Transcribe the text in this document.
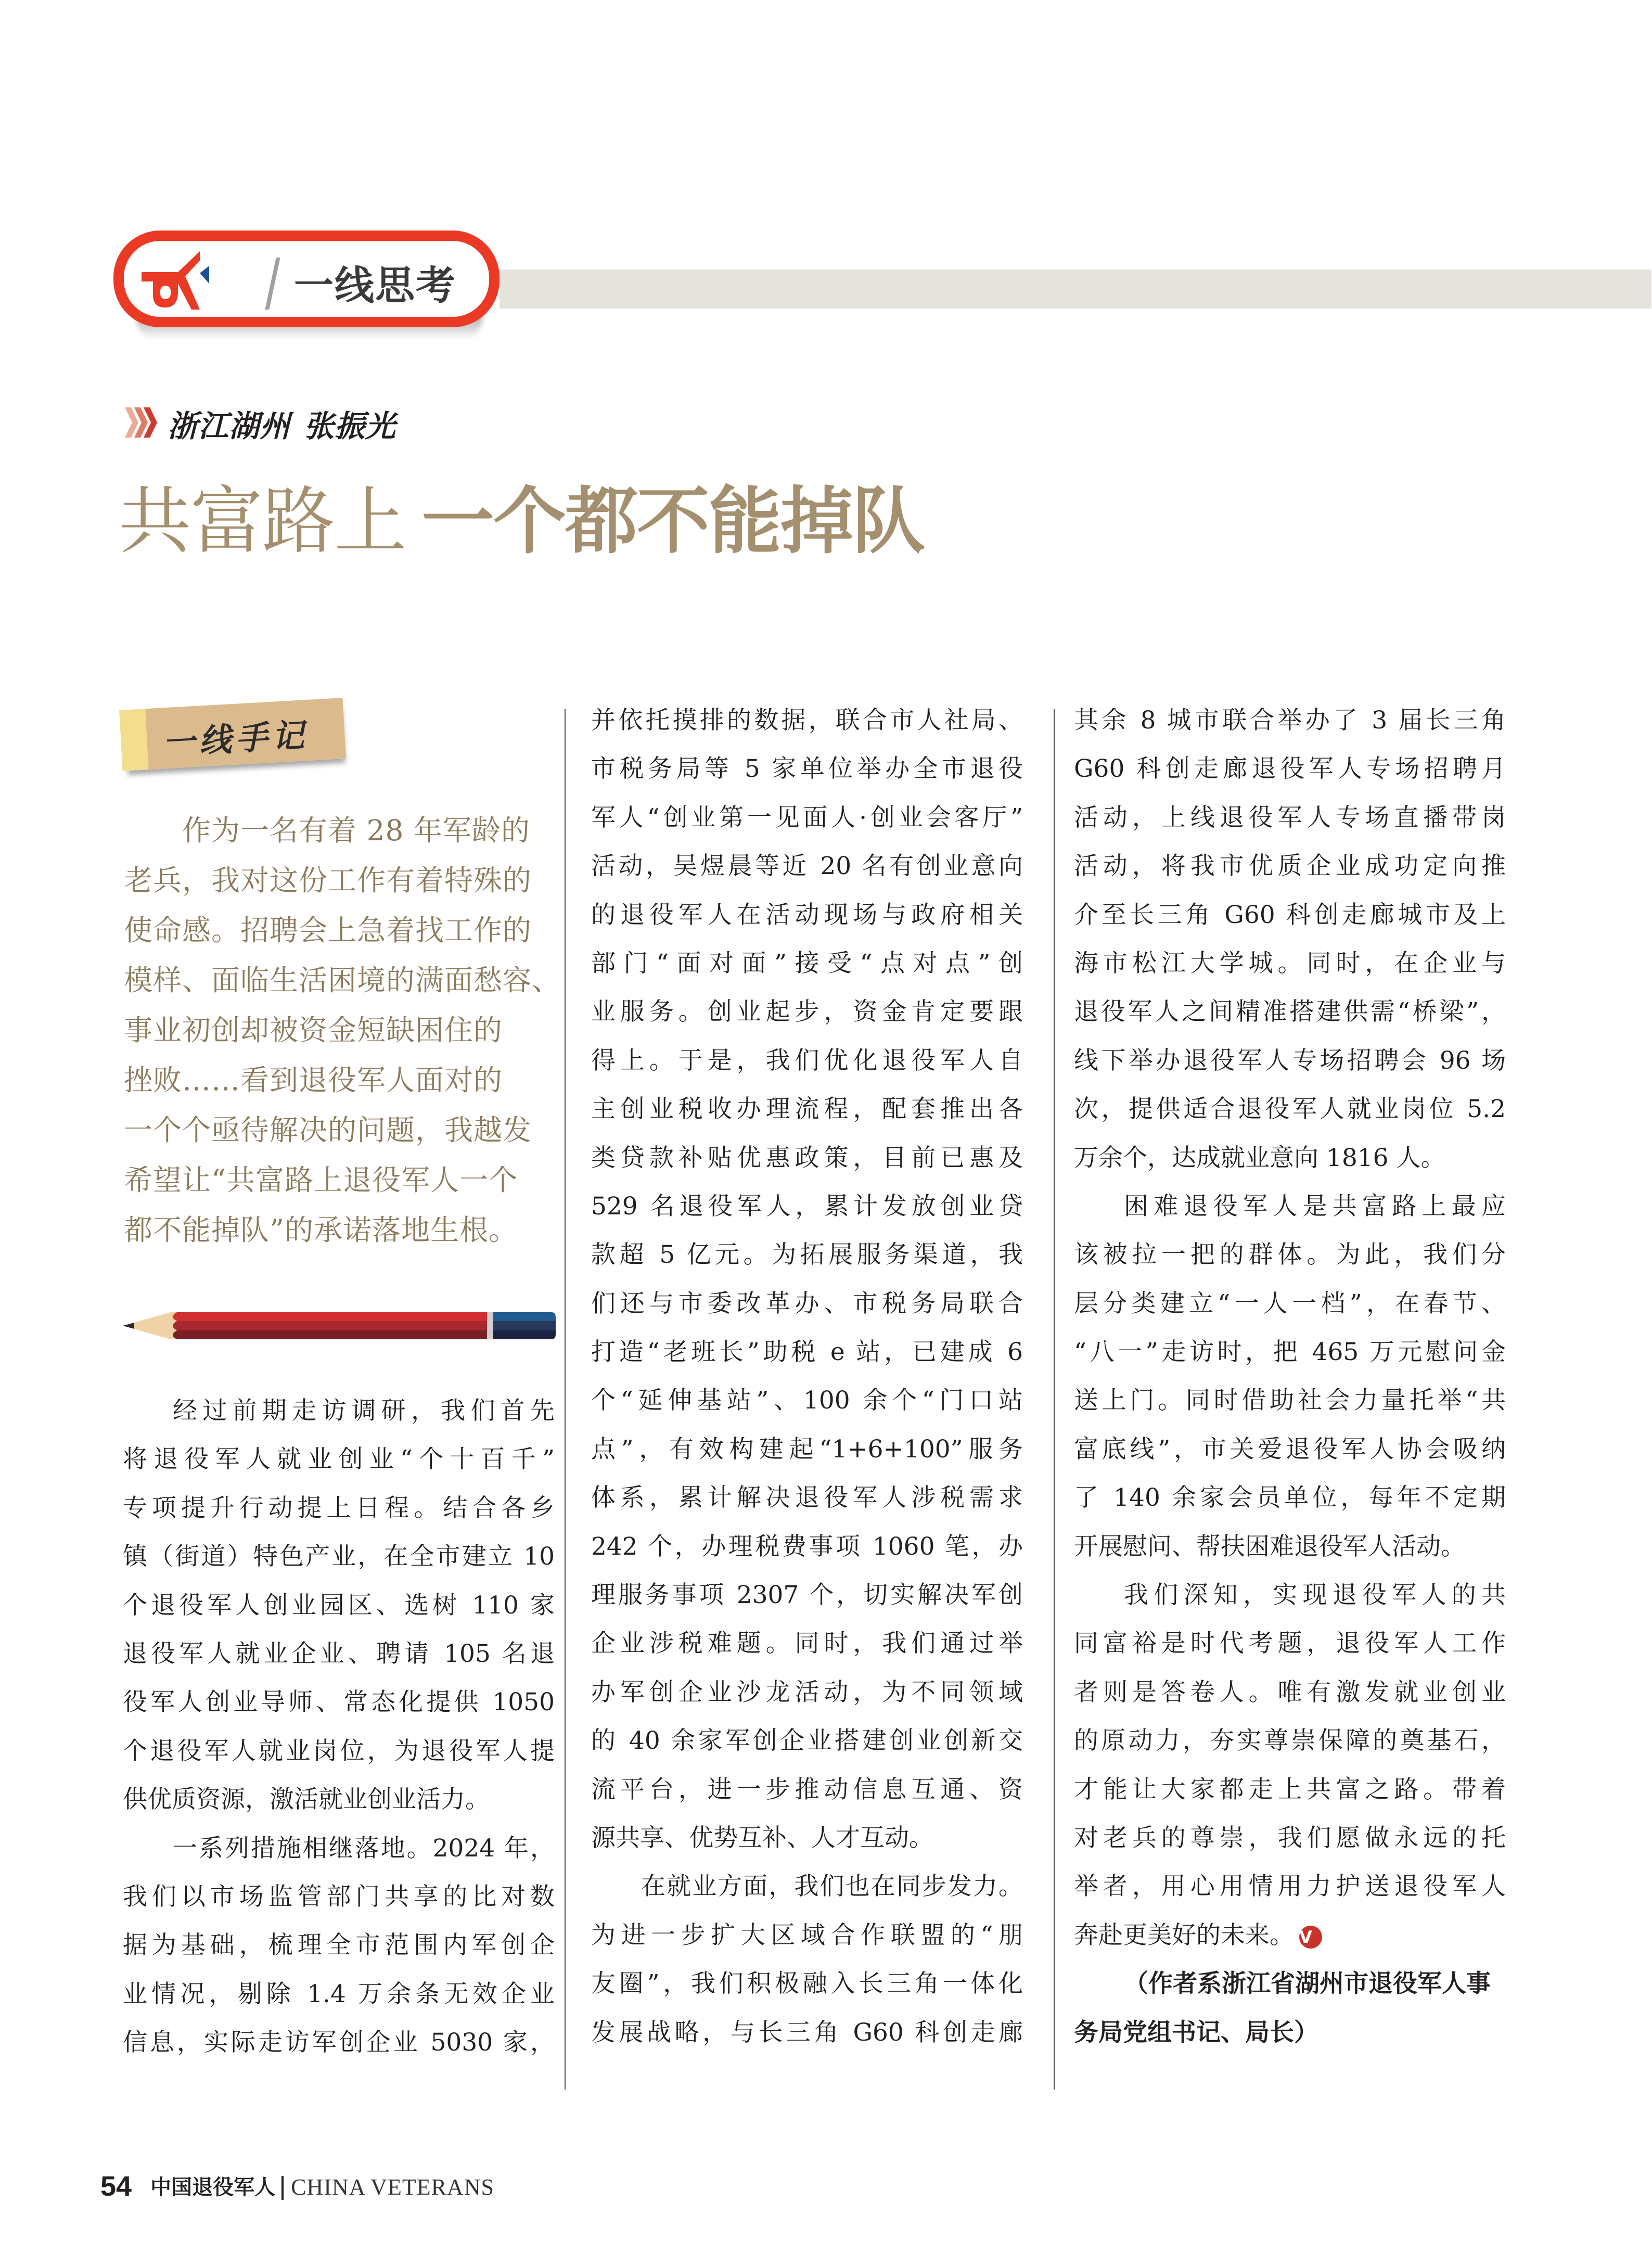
一线思考
浙江湖州 张振光
共富路上 一个都不能掉队
一线手记
作为一名有着 28 年军龄的
老兵，我对这份工作有着特殊的
使命感。招聘会上急着找工作的
模样、面临生活困境的满面愁容、
事业初创却被资金短缺困住的
挫败……看到退役军人面对的
一个个亟待解决的问题，我越发
希望让“共富路上退役军人一个
都不能掉队”的承诺落地生根。
经过前期走访调研，我们首先
将退役军人就业创业“个十百千”
专项提升行动提上日程。结合各乡
镇（街道）特色产业，在全市建立 10
个退役军人创业园区、选树 110 家
退役军人就业企业、聘请 105 名退
役军人创业导师、常态化提供 1050
个退役军人就业岗位，为退役军人提
供优质资源，激活就业创业活力。
一系列措施相继落地。2024 年，
我们以市场监管部门共享的比对数
据为基础，梳理全市范围内军创企
业情况，剔除 1.4 万余条无效企业
信息，实际走访军创企业 5030 家，
并依托摸排的数据，联合市人社局、
市税务局等 5 家单位举办全市退役
军人“创业第一见面人·创业会客厅”
活动，吴煜晨等近 20 名有创业意向
的退役军人在活动现场与政府相关
部门“面对面”接受“点对点”创
业服务。创业起步，资金肯定要跟
得上。于是，我们优化退役军人自
主创业税收办理流程，配套推出各
类贷款补贴优惠政策，目前已惠及
529 名退役军人，累计发放创业贷
款超 5 亿元。为拓展服务渠道，我
们还与市委改革办、市税务局联合
打造“老班长”助税 e 站，已建成 6
个“延伸基站”、100 余个“门口站
点”，有效构建起“1+6+100”服务
体系，累计解决退役军人涉税需求
242 个，办理税费事项 1060 笔，办
理服务事项 2307 个，切实解决军创
企业涉税难题。同时，我们通过举
办军创企业沙龙活动，为不同领域
的 40 余家军创企业搭建创业创新交
流平台，进一步推动信息互通、资
源共享、优势互补、人才互动。
在就业方面，我们也在同步发力。
为进一步扩大区域合作联盟的“朋
友圈”，我们积极融入长三角一体化
发展战略，与长三角 G60 科创走廊
其余 8 城市联合举办了 3 届长三角
G60 科创走廊退役军人专场招聘月
活动，上线退役军人专场直播带岗
活动，将我市优质企业成功定向推
介至长三角 G60 科创走廊城市及上
海市松江大学城。同时，在企业与
退役军人之间精准搭建供需“桥梁”，
线下举办退役军人专场招聘会 96 场
次，提供适合退役军人就业岗位 5.2
万余个，达成就业意向 1816 人。
困难退役军人是共富路上最应
该被拉一把的群体。为此，我们分
层分类建立“一人一档”，在春节、
“八一”走访时，把 465 万元慰问金
送上门。同时借助社会力量托举“共
富底线”，市关爱退役军人协会吸纳
了 140 余家会员单位，每年不定期
开展慰问、帮扶困难退役军人活动。
我们深知，实现退役军人的共
同富裕是时代考题，退役军人工作
者则是答卷人。唯有激发就业创业
的原动力，夯实尊崇保障的奠基石，
才能让大家都走上共富之路。带着
对老兵的尊崇，我们愿做永远的托
举者，用心用情用力护送退役军人
奔赴更美好的未来。 V
（作者系浙江省湖州市退役军人事
务局党组书记、局长）
54 中国退役军人 CHINA VETERANS
